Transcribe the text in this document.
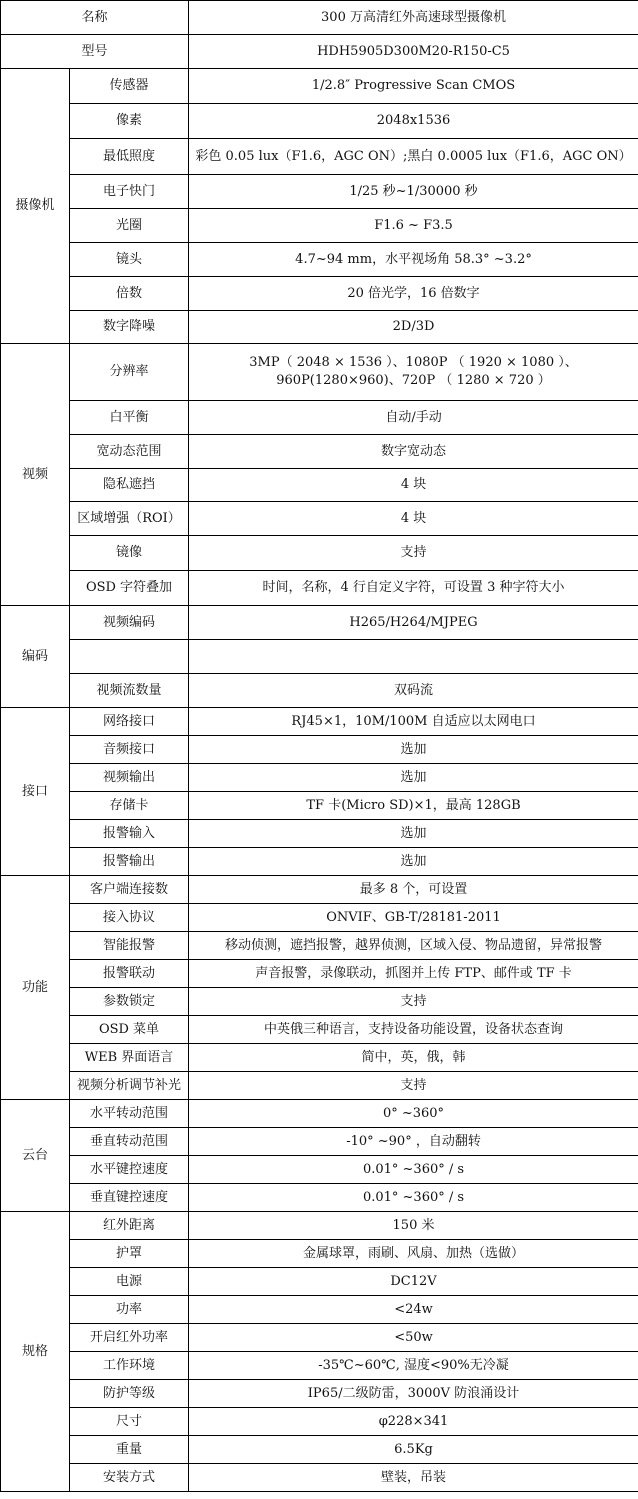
名称		300 万高清红外高速球型摄像机
型号		HDH5905D300M20-R150-C5
摄像机	传感器	1/2.8″ Progressive Scan CMOS
	像素	2048x1536
	最低照度	彩色 0.05 lux（F1.6，AGC ON）;黑白 0.0005 lux（F1.6，AGC ON）
	电子快门	1/25 秒~1/30000 秒
	光圈	F1.6 ~ F3.5
	镜头	4.7~94 mm，水平视场角 58.3° ~3.2°
	倍数	20 倍光学，16 倍数字
	数字降噪	2D/3D
视频	分辨率	3MP（ 2048 × 1536 ）、1080P （ 1920 × 1080 ）、960P(1280×960)、720P （ 1280 × 720 ）
	白平衡	自动/手动
	宽动态范围	数字宽动态
	隐私遮挡	4 块
	区域增强（ROI）	4 块
	镜像	支持
	OSD 字符叠加	时间，名称，4 行自定义字符，可设置 3 种字符大小
编码	视频编码	H265/H264/MJPEG

	视频流数量	双码流
接口	网络接口	RJ45×1，10M/100M 自适应以太网电口
	音频接口	选加
	视频输出	选加
	存储卡	TF 卡(Micro SD)×1，最高 128GB
	报警输入	选加
	报警输出	选加
功能	客户端连接数	最多 8 个，可设置
	接入协议	ONVIF、GB-T/28181-2011
	智能报警	移动侦测，遮挡报警，越界侦测，区域入侵、物品遗留，异常报警
	报警联动	声音报警，录像联动，抓图并上传 FTP、邮件或 TF 卡
	参数锁定	支持
	OSD 菜单	中英俄三种语言，支持设备功能设置，设备状态查询
	WEB 界面语言	简中，英，俄，韩
	视频分析调节补光	支持
云台	水平转动范围	0° ~360°
	垂直转动范围	-10° ~90° ，自动翻转
	水平键控速度	0.01° ~360° / s
	垂直键控速度	0.01° ~360° / s
规格	红外距离	150 米
	护罩	金属球罩，雨刷、风扇、加热（选做）
	电源	DC12V
	功率	<24w
	开启红外功率	<50w
	工作环境	-35℃~60℃, 湿度<90%无冷凝
	防护等级	IP65/二级防雷，3000V 防浪涌设计
	尺寸	φ228×341
	重量	6.5Kg
	安装方式	壁装，吊装
